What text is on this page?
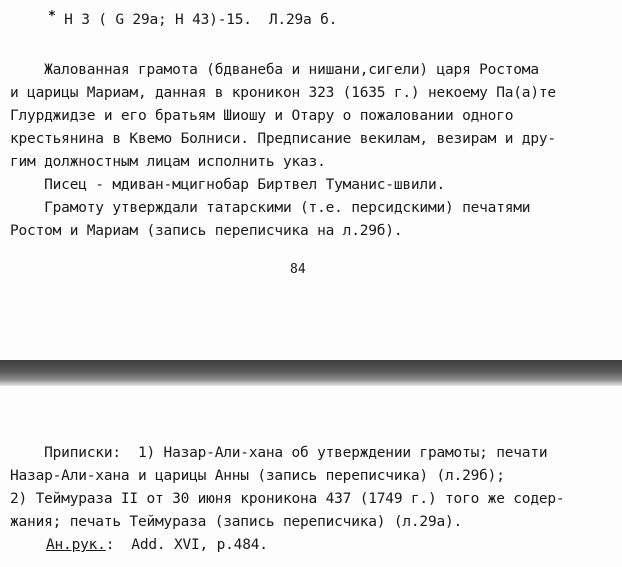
* Н 3 ( G 29a; Н 43)-15.  Л.29а б.
Жалованная грамота (бдванеба и нишани,сигели) царя Ростома
и царицы Мариам, данная в кроникон 323 (1635 г.) некоему Па(а)те
Глурджидзе и его братьям Шиошу и Отару о пожаловании одного
крестьянина в Квемо Болниси. Предписание векилам, везирам и дру-
гим должностным лицам исполнить указ.
Писец - мдиван-мцигнобар Биртвел Туманис-швили.
Грамоту утверждали татарскими (т.е. персидскими) печатями
Ростом и Мариам (запись переписчика на л.29б).
84
Приписки:  1) Назар-Али-хана об утверждении грамоты; печати
Назар-Али-хана и царицы Анны (запись переписчика) (л.29б);
2) Теймураза II от 30 июня кроникона 437 (1749 г.) того же содер-
жания; печать Теймураза (запись переписчика) (л.29а).
Ан.рук.:  Add. XVI, p.484.
